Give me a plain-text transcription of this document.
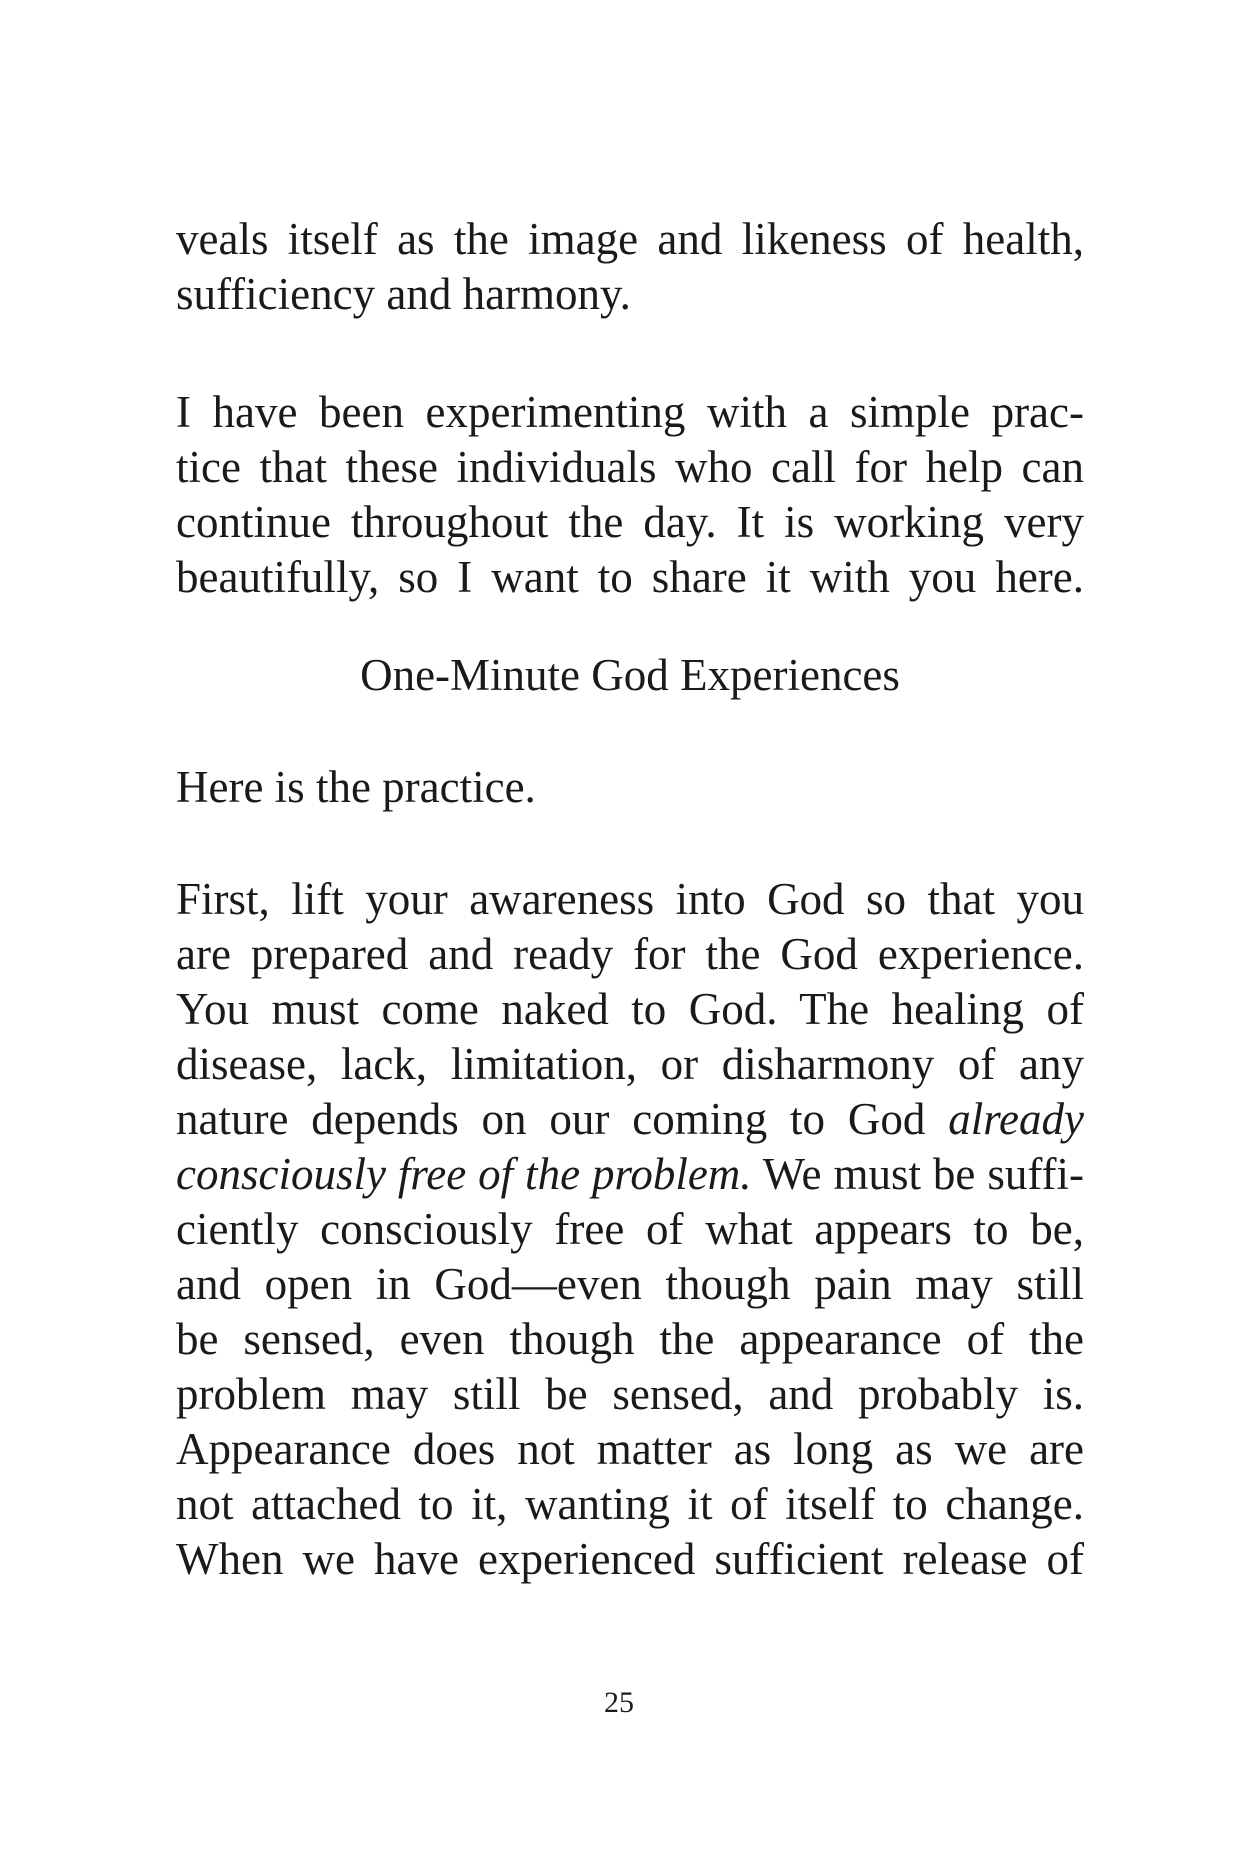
veals itself as the image and likeness of health,
sufficiency and harmony.
I have been experimenting with a simple prac-
tice that these individuals who call for help can
continue throughout the day. It is working very
beautifully, so I want to share it with you here.
One-Minute God Experiences
Here is the practice.
First, lift your awareness into God so that you
are prepared and ready for the God experience.
You must come naked to God. The healing of
disease, lack, limitation, or disharmony of any
nature depends on our coming to God already
consciously free of the problem. We must be suffi-
ciently consciously free of what appears to be,
and open in God—even though pain may still
be sensed, even though the appearance of the
problem may still be sensed, and probably is.
Appearance does not matter as long as we are
not attached to it, wanting it of itself to change.
When we have experienced sufficient release of
25
